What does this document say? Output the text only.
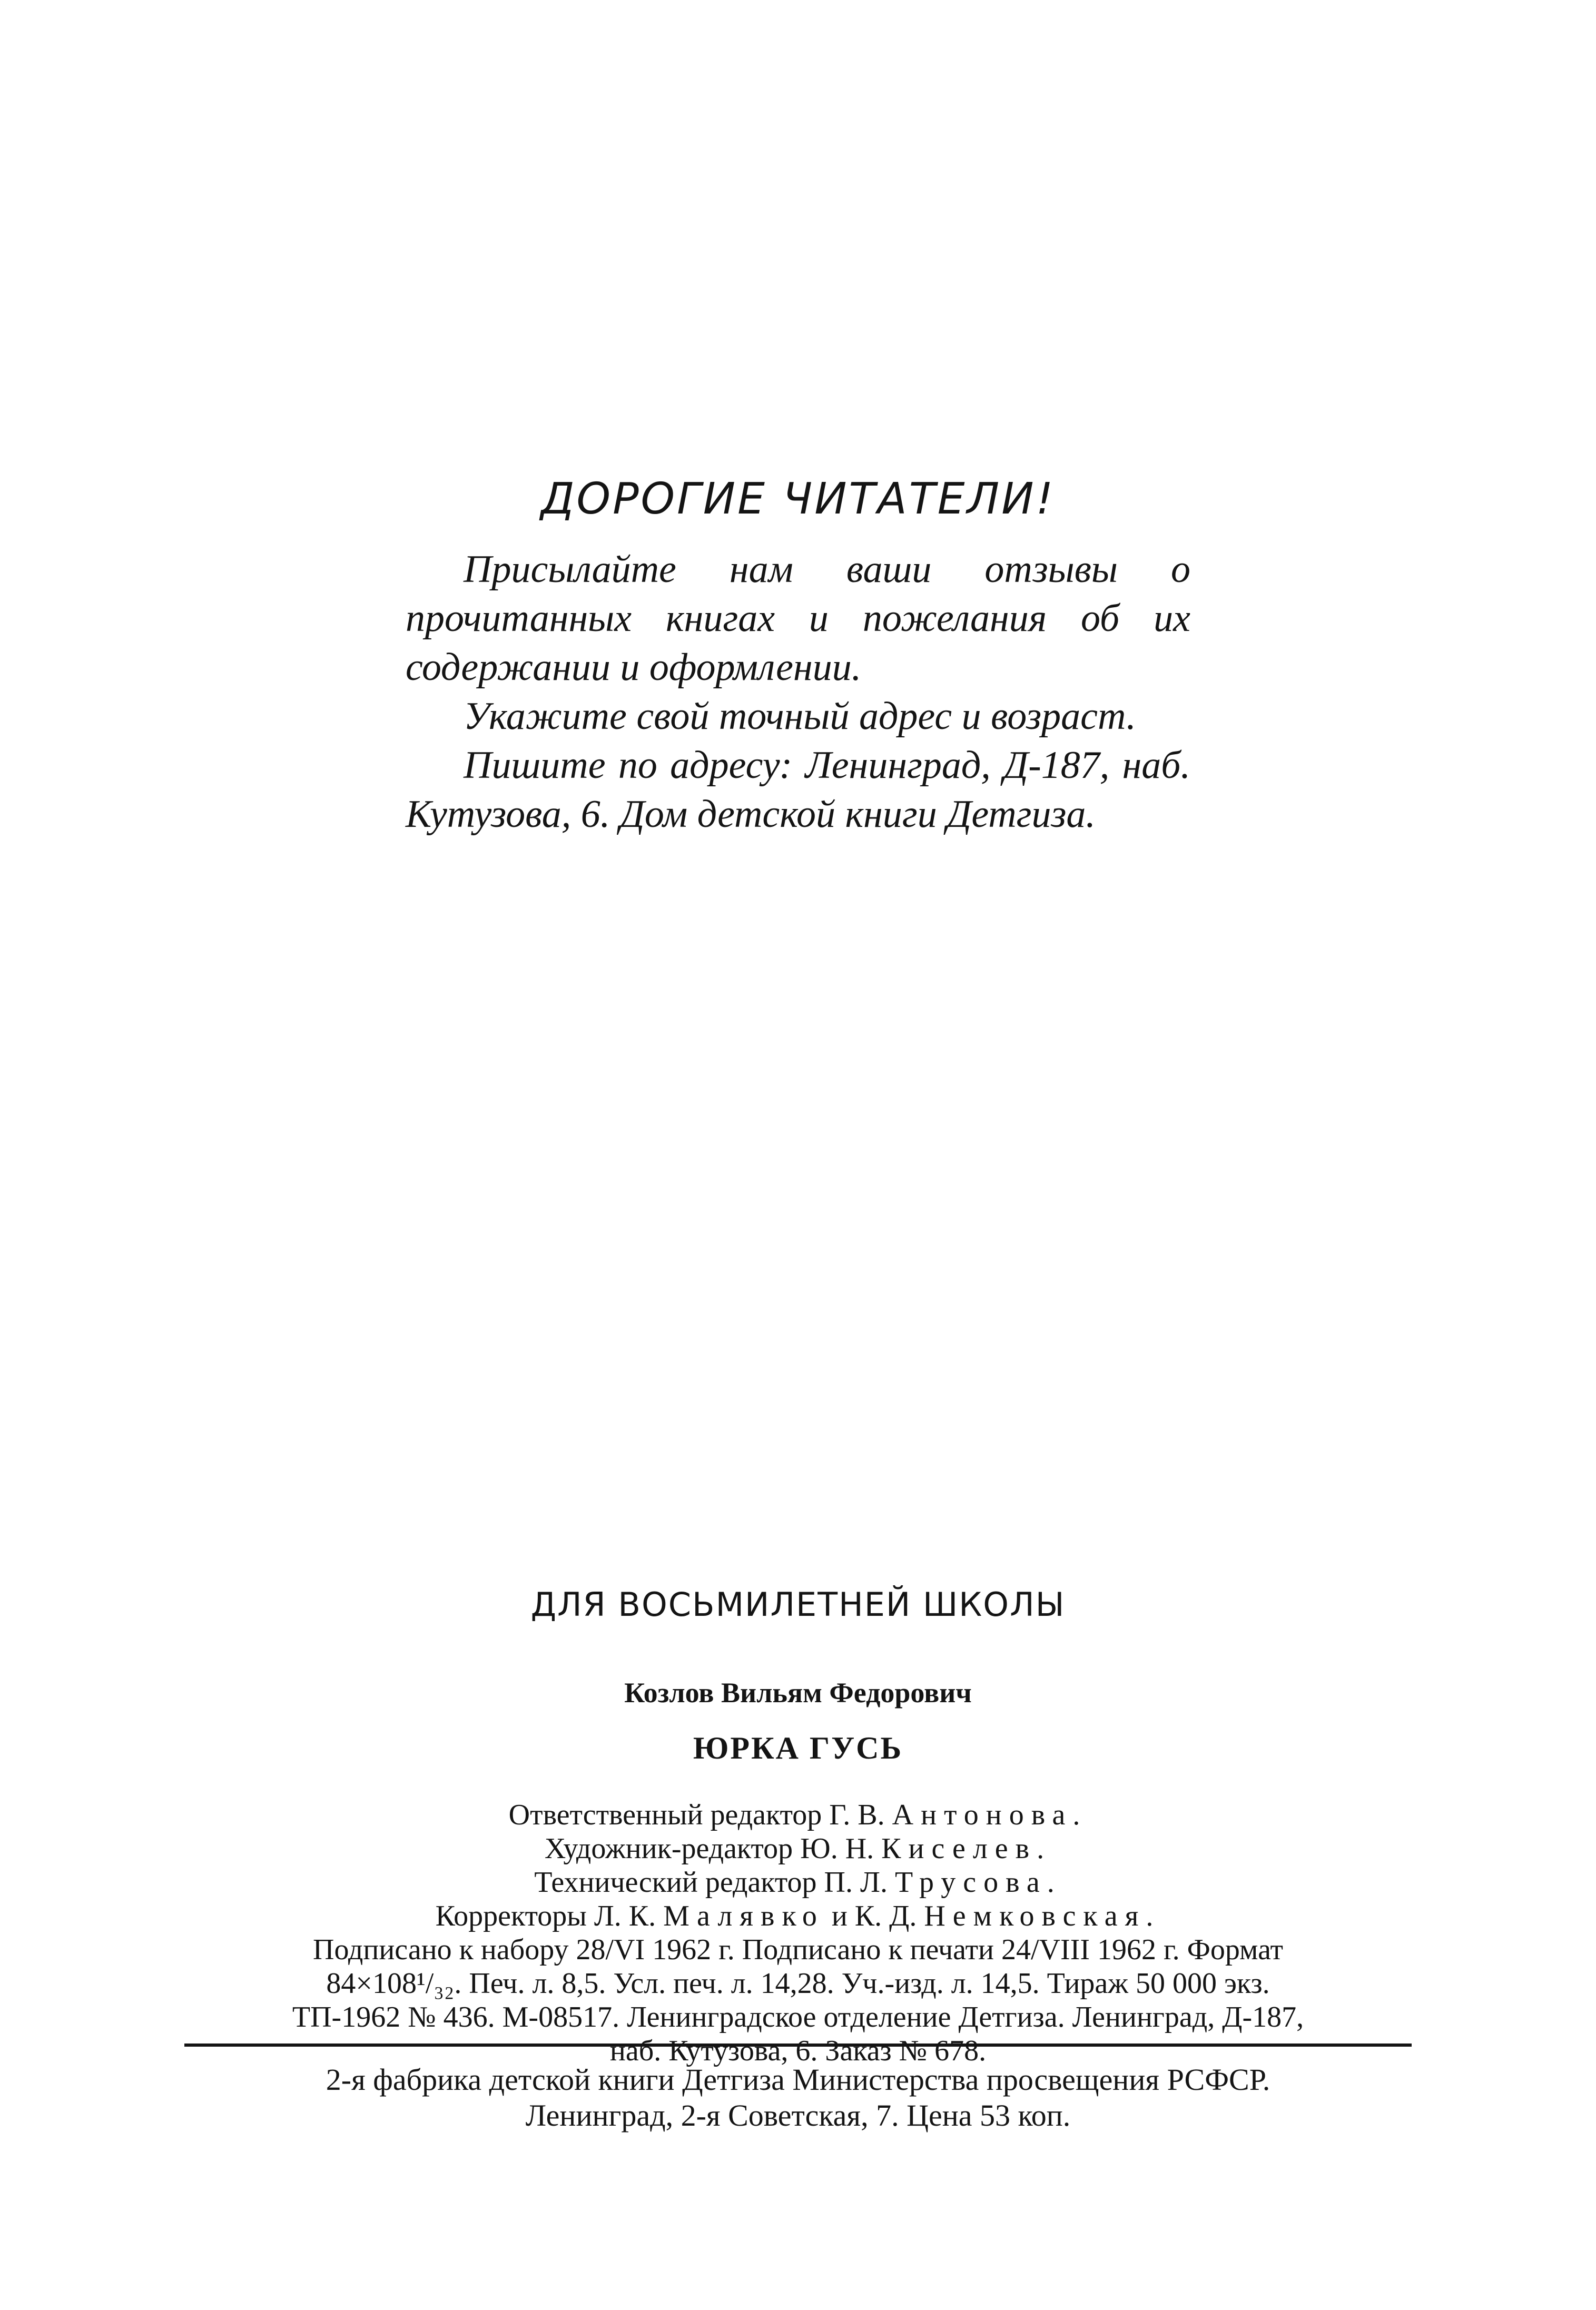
ДОРОГИЕ ЧИТАТЕЛИ!

Присылайте нам ваши отзывы о прочитанных книгах и пожелания об их содержании и оформлении.

Укажите свой точный адрес и возраст.

Пишите по адресу: Ленинград, Д-187, наб. Кутузова, 6. Дом детской книги Детгиза.

ДЛЯ ВОСЬМИЛЕТНЕЙ ШКОЛЫ
Козлов Вильям Федорович
ЮРКА ГУСЬ

Ответственный редактор Г. В. Антонова.

Художник-редактор Ю. Н. Киселев.

Технический редактор П. Л. Трусова.

Корректоры Л. К. Малявко и К. Д. Немковская.

Подписано к набору 28/VI 1962 г. Подписано к печати 24/VIII 1962 г. Формат

84×108¹/₃₂. Печ. л. 8,5. Усл. печ. л. 14,28. Уч.-изд. л. 14,5. Тираж 50 000 экз.

ТП-1962 № 436. М-08517. Ленинградское отделение Детгиза. Ленинград, Д-187,

наб. Кутузова, 6. Заказ № 678.

2-я фабрика детской книги Детгиза Министерства просвещения РСФСР.

Ленинград, 2-я Советская, 7. Цена 53 коп.
